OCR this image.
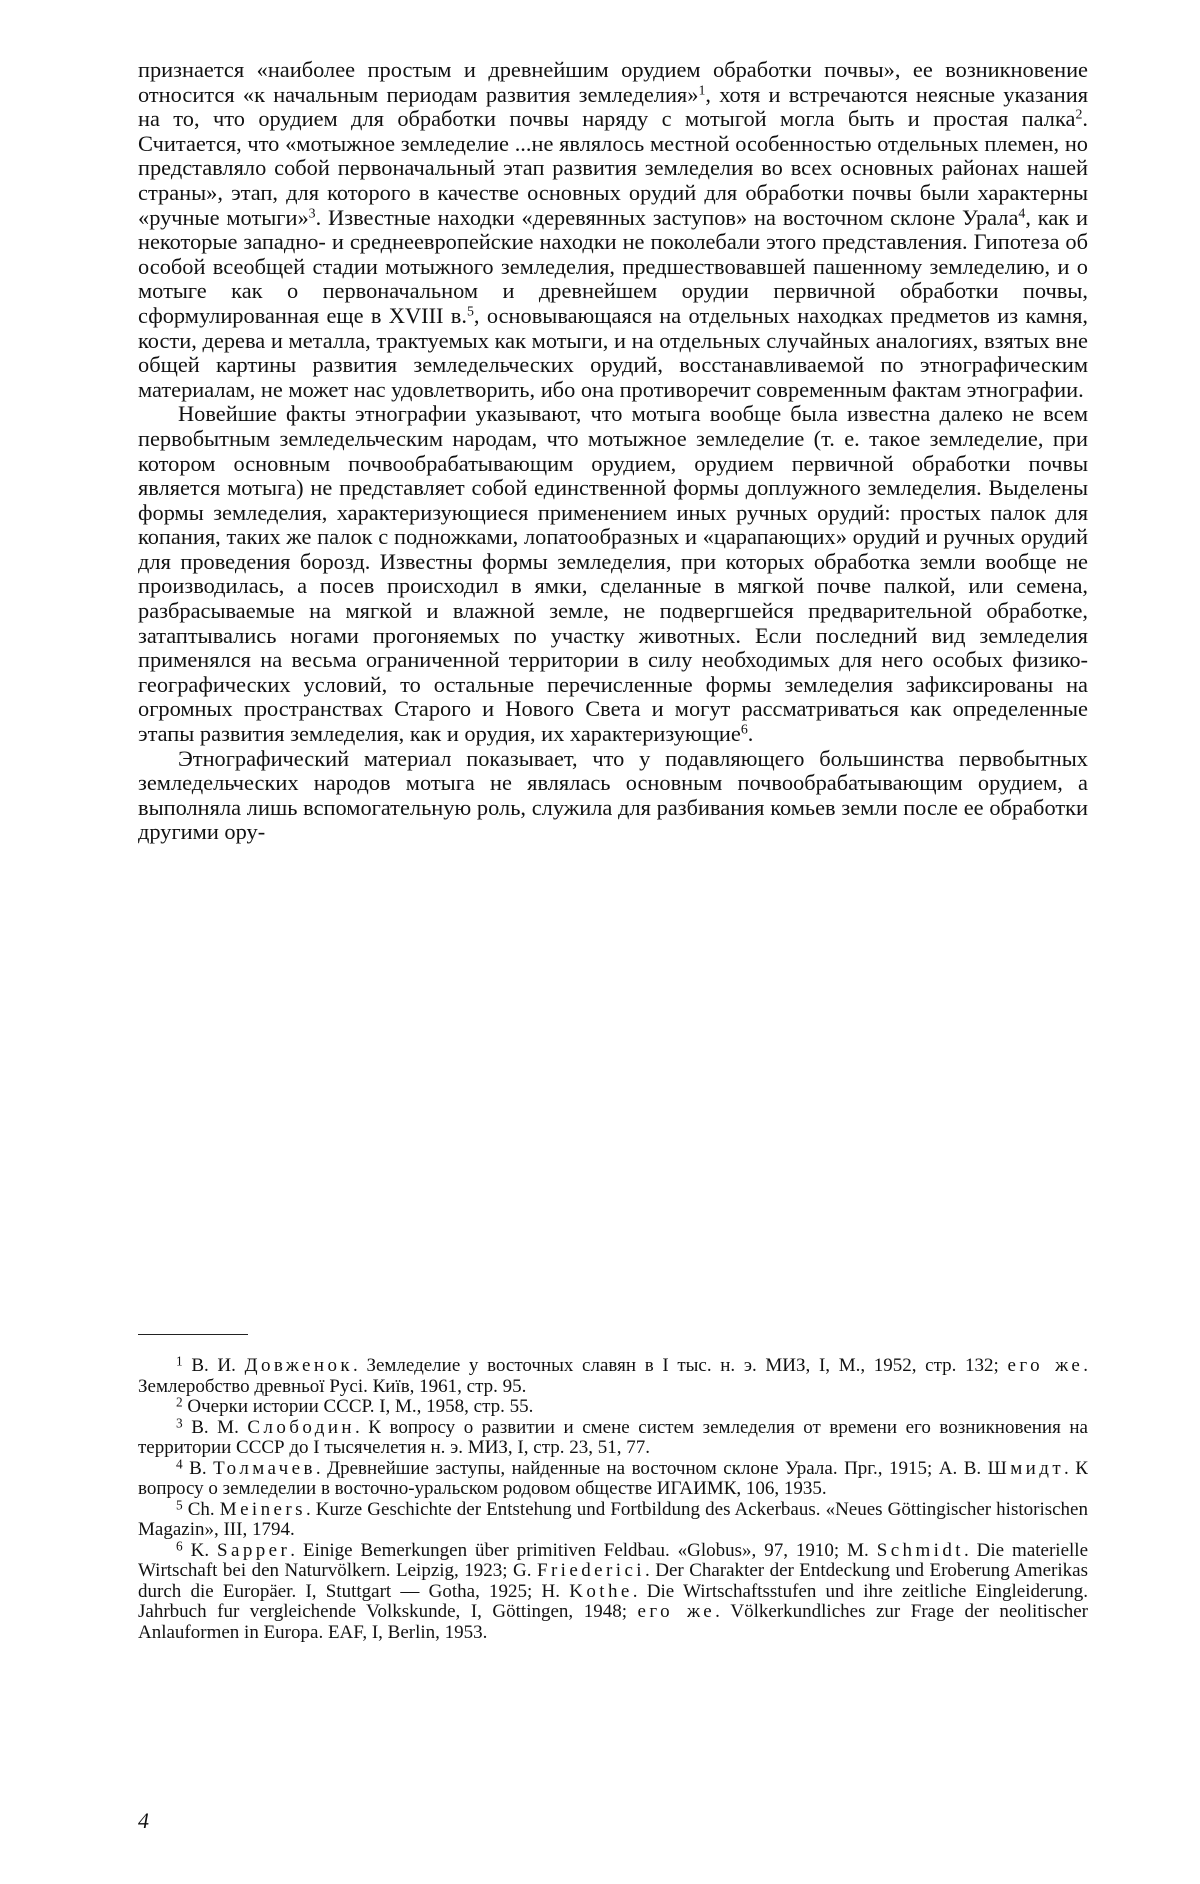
признается «наиболее простым и древнейшим орудием обработки почвы», ее возникновение относится «к начальным периодам развития земледелия»$^1$, хотя и встречаются неясные указания на то, что орудием для обработки почвы наряду с мотыгой могла быть и простая палка$^2$. Считается, что «мотыжное земледелие ...не являлось местной особенностью отдельных племен, но представляло собой первоначальный этап развития земледелия во всех основных районах нашей страны», этап, для которого в качестве основных орудий для обработки почвы были характерны «ручные мотыги»$^3$. Известные находки «деревянных заступов» на восточном склоне Урала$^4$, как и некоторые западно- и среднеевропейские находки не поколебали этого представления. Гипотеза об особой всеобщей стадии мотыжного земледелия, предшествовавшей пашенному земледелию, и о мотыге как о первоначальном и древнейшем орудии первичной обработки почвы, сформулированная еще в XVIII в.$^5$, основывающаяся на отдельных находках предметов из камня, кости, дерева и металла, трактуемых как мотыги, и на отдельных случайных аналогиях, взятых вне общей картины развития земледельческих орудий, восстанавливаемой по этнографическим материалам, не может нас удовлетворить, ибо она противоречит современным фактам этнографии.

Новейшие факты этнографии указывают, что мотыга вообще была известна далеко не всем первобытным земледельческим народам, что мотыжное земледелие (т. е. такое земледелие, при котором основным почвообрабатывающим орудием, орудием первичной обработки почвы является мотыга) не представляет собой единственной формы доплужного земледелия. Выделены формы земледелия, характеризующиеся применением иных ручных орудий: простых палок для копания, таких же палок с подножками, лопатообразных и «царапающих» орудий и ручных орудий для проведения борозд. Известны формы земледелия, при которых обработка земли вообще не производилась, а посев происходил в ямки, сделанные в мягкой почве палкой, или семена, разбрасываемые на мягкой и влажной земле, не подвергшейся предварительной обработке, затаптывались ногами прогоняемых по участку животных. Если последний вид земледелия применялся на весьма ограниченной территории в силу необходимых для него особых физико-географических условий, то остальные перечисленные формы земледелия зафиксированы на огромных пространствах Старого и Нового Света и могут рассматриваться как определенные этапы развития земледелия, как и орудия, их характеризующие$^6$.

Этнографический материал показывает, что у подавляющего большинства первобытных земледельческих народов мотыга не являлась основным почвообрабатывающим орудием, а выполняла лишь вспомогательную роль, служила для разбивания комьев земли после ее обработки другими ору-

$^1$ В. И. Довженок. Земледелие у восточных славян в I тыс. н. э. МИЗ, I, М., 1952, стр. 132; его же. Землеробство древньої Русі. Київ, 1961, стр. 95.

$^2$ Очерки истории СССР. I, М., 1958, стр. 55.

$^3$ В. М. Слободин. К вопросу о развитии и смене систем земледелия от времени его возникновения на территории СССР до I тысячелетия н. э. МИЗ, I, стр. 23, 51, 77.

$^4$ В. Толмачев. Древнейшие заступы, найденные на восточном склоне Урала. Прг., 1915; А. В. Шмидт. К вопросу о земледелии в восточно-уральском родовом обществе ИГАИМК, 106, 1935.

$^5$ Ch. Meiners. Kurze Geschichte der Entstehung und Fortbildung des Ackerbaus. «Neues Göttingischer historischen Magazin», III, 1794.

$^6$ K. Sapper. Einige Bemerkungen über primitiven Feldbau. «Globus», 97, 1910; M. Schmidt. Die materielle Wirtschaft bei den Naturvölkern. Leipzig, 1923; G. Friederici. Der Charakter der Entdeckung und Eroberung Amerikas durch die Europäer. I, Stuttgart — Gotha, 1925; H. Kothe. Die Wirtschaftsstufen und ihre zeitliche Eingleiderung. Jahrbuch fur vergleichende Volkskunde, I, Göttingen, 1948; его же. Völkerkundliches zur Frage der neolitischer Anlauformen in Europa. EAF, I, Berlin, 1953.

4
